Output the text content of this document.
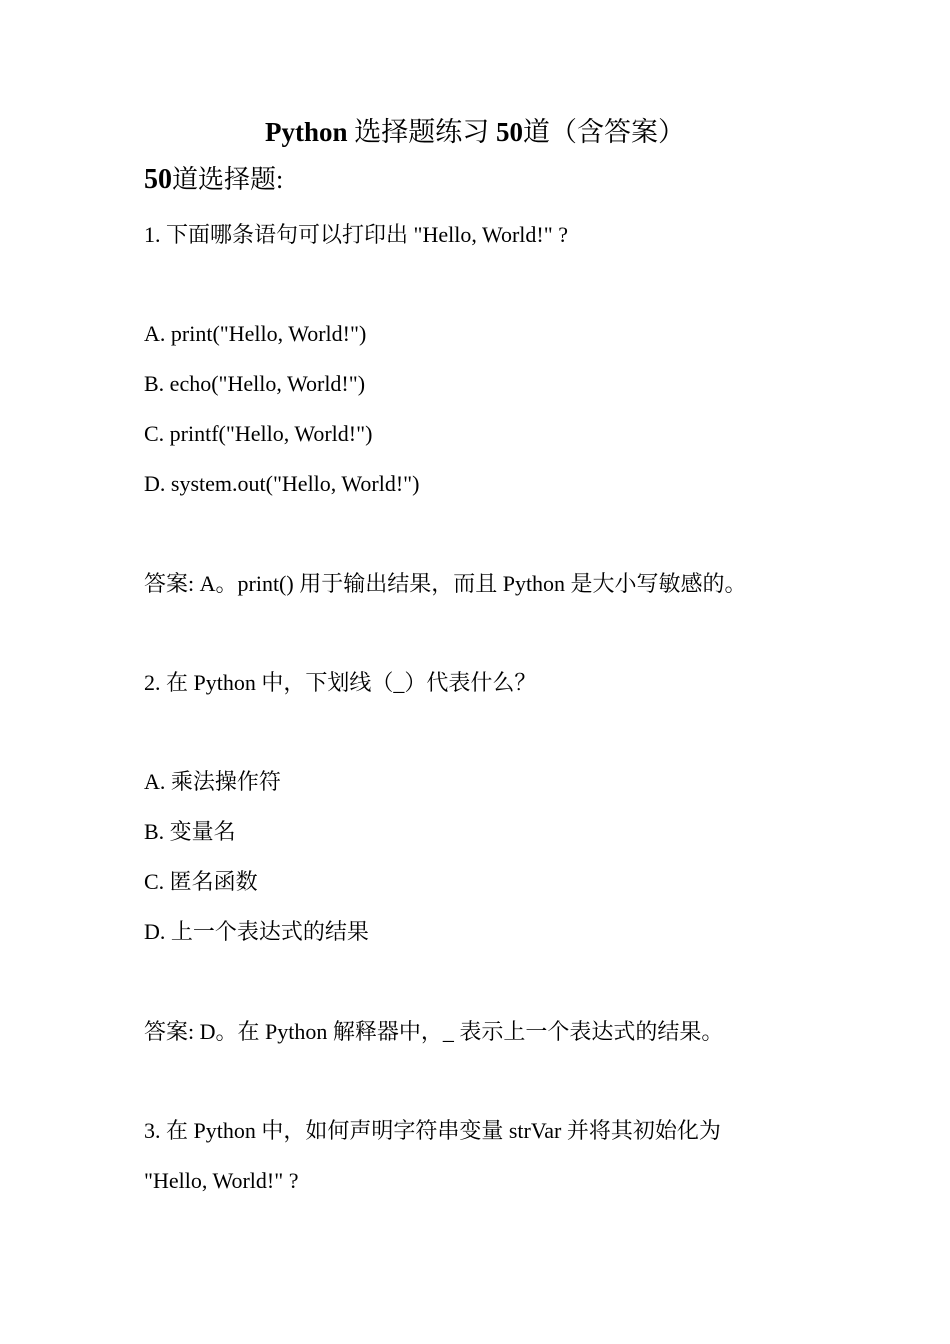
Python 选择题练习 50道（含答案）
50道选择题:
1. 下面哪条语句可以打印出 "Hello, World!" ?
A. print("Hello, World!")
B. echo("Hello, World!")
C. printf("Hello, World!")
D. system.out("Hello, World!")
答案: A。print() 用于输出结果，而且 Python 是大小写敏感的。
2. 在 Python 中，下划线（_）代表什么？
A. 乘法操作符
B. 变量名
C. 匿名函数
D. 上一个表达式的结果
答案: D。在 Python 解释器中，_ 表示上一个表达式的结果。
3. 在 Python 中，如何声明字符串变量 strVar 并将其初始化为
"Hello, World!" ?
